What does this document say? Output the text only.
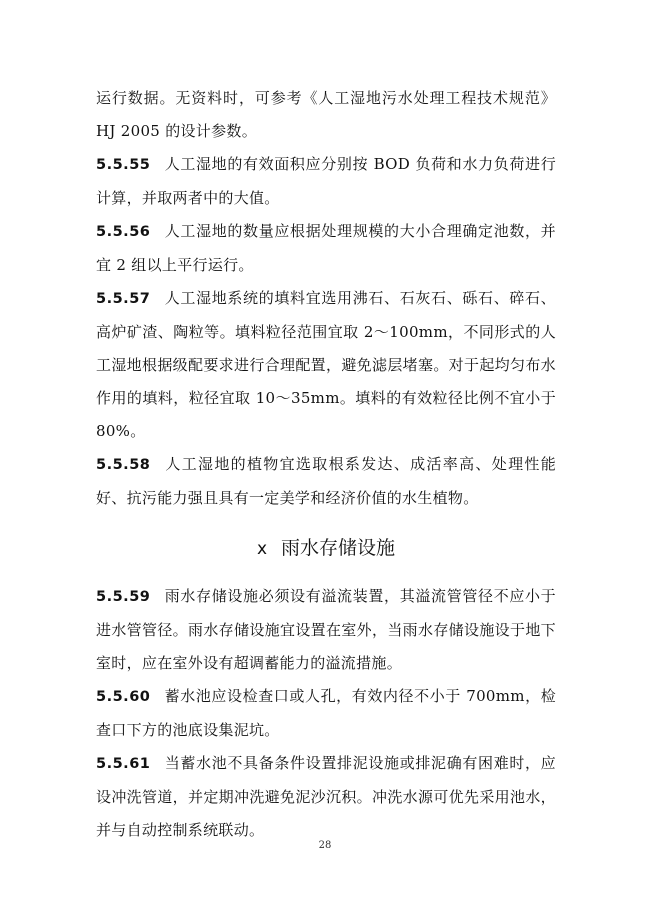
运行数据。无资料时，可参考《人工湿地污水处理工程技术规范》HJ 2005 的设计参数。

5.5.55 人工湿地的有效面积应分别按 BOD 负荷和水力负荷进行计算，并取两者中的大值。

5.5.56 人工湿地的数量应根据处理规模的大小合理确定池数，并宜 2 组以上平行运行。

5.5.57 人工湿地系统的填料宜选用沸石、石灰石、砾石、碎石、高炉矿渣、陶粒等。填料粒径范围宜取 2～100mm，不同形式的人工湿地根据级配要求进行合理配置，避免滤层堵塞。对于起均匀布水作用的填料，粒径宜取 10～35mm。填料的有效粒径比例不宜小于 80%。

5.5.58 人工湿地的植物宜选取根系发达、成活率高、处理性能好、抗污能力强且具有一定美学和经济价值的水生植物。

x 雨水存储设施

5.5.59 雨水存储设施必须设有溢流装置，其溢流管管径不应小于进水管管径。雨水存储设施宜设置在室外，当雨水存储设施设于地下室时，应在室外设有超调蓄能力的溢流措施。

5.5.60 蓄水池应设检查口或人孔，有效内径不小于 700mm，检查口下方的池底设集泥坑。

5.5.61 当蓄水池不具备条件设置排泥设施或排泥确有困难时，应设冲洗管道，并定期冲洗避免泥沙沉积。冲洗水源可优先采用池水，并与自动控制系统联动。

28
